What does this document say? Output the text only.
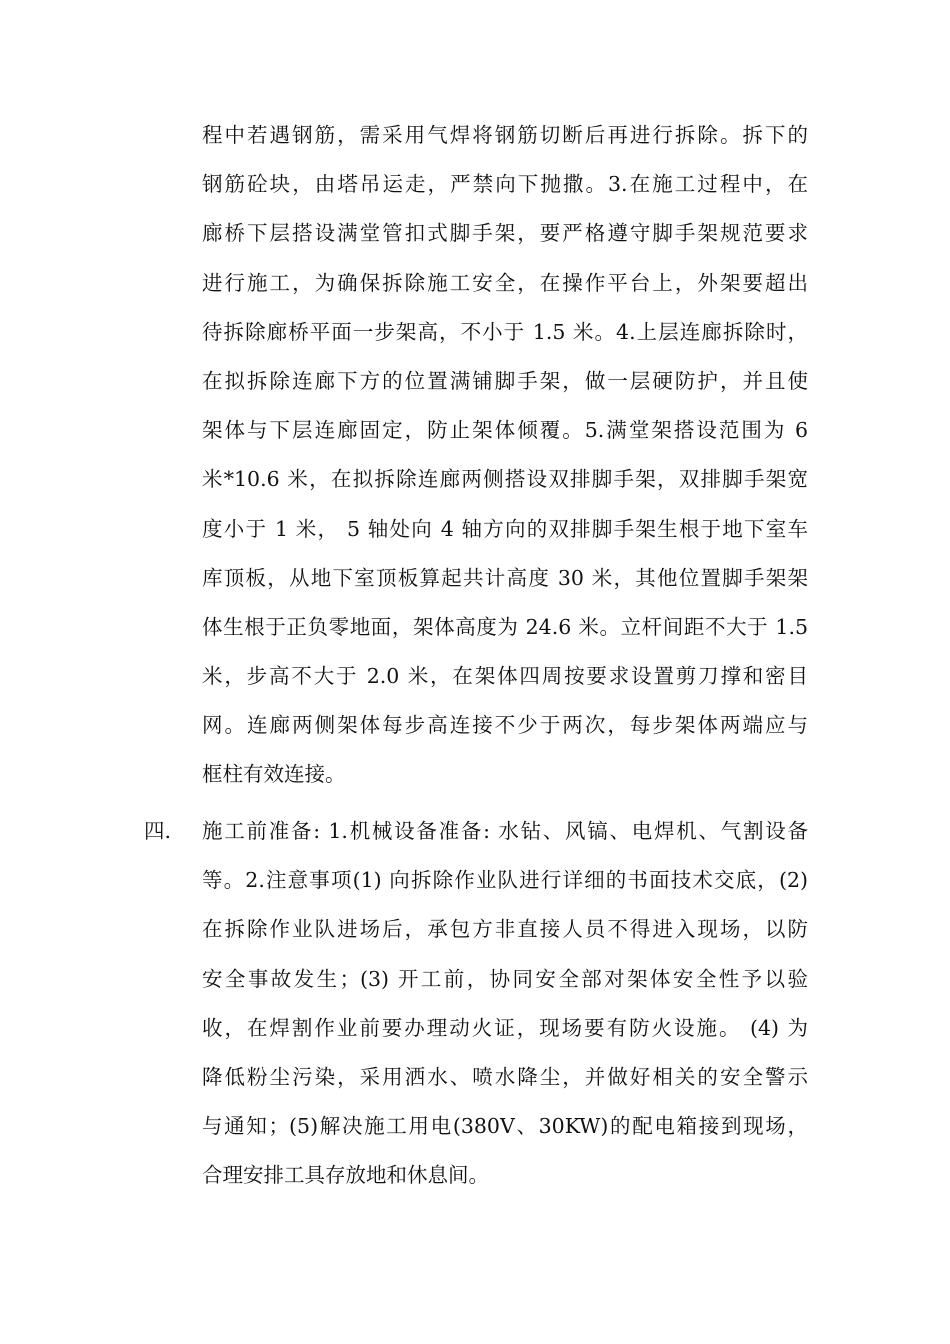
程中若遇钢筋，需采用气焊将钢筋切断后再进行拆除。拆下的
钢筋砼块，由塔吊运走，严禁向下抛撒。3.在施工过程中，在
廊桥下层搭设满堂管扣式脚手架，要严格遵守脚手架规范要求
进行施工，为确保拆除施工安全，在操作平台上，外架要超出
待拆除廊桥平面一步架高，不小于 1.5 米。4.上层连廊拆除时，
在拟拆除连廊下方的位置满铺脚手架，做一层硬防护，并且使
架体与下层连廊固定，防止架体倾覆。5.满堂架搭设范围为 6
米*10.6 米，在拟拆除连廊两侧搭设双排脚手架，双排脚手架宽
度小于 1 米， 5 轴处向 4 轴方向的双排脚手架生根于地下室车
库顶板，从地下室顶板算起共计高度 30 米，其他位置脚手架架
体生根于正负零地面，架体高度为 24.6 米。立杆间距不大于 1.5
米，步高不大于 2.0 米，在架体四周按要求设置剪刀撑和密目
网。连廊两侧架体每步高连接不少于两次，每步架体两端应与
框柱有效连接。
四. 施工前准备: 1.机械设备准备: 水钻、风镐、电焊机、气割设备
等。2.注意事项(1) 向拆除作业队进行详细的书面技术交底，(2)
在拆除作业队进场后，承包方非直接人员不得进入现场，以防
安全事故发生；(3) 开工前，协同安全部对架体安全性予以验
收，在焊割作业前要办理动火证，现场要有防火设施。 (4) 为
降低粉尘污染，采用洒水、喷水降尘，并做好相关的安全警示
与通知；(5)解决施工用电(380V、30KW)的配电箱接到现场，
合理安排工具存放地和休息间。
